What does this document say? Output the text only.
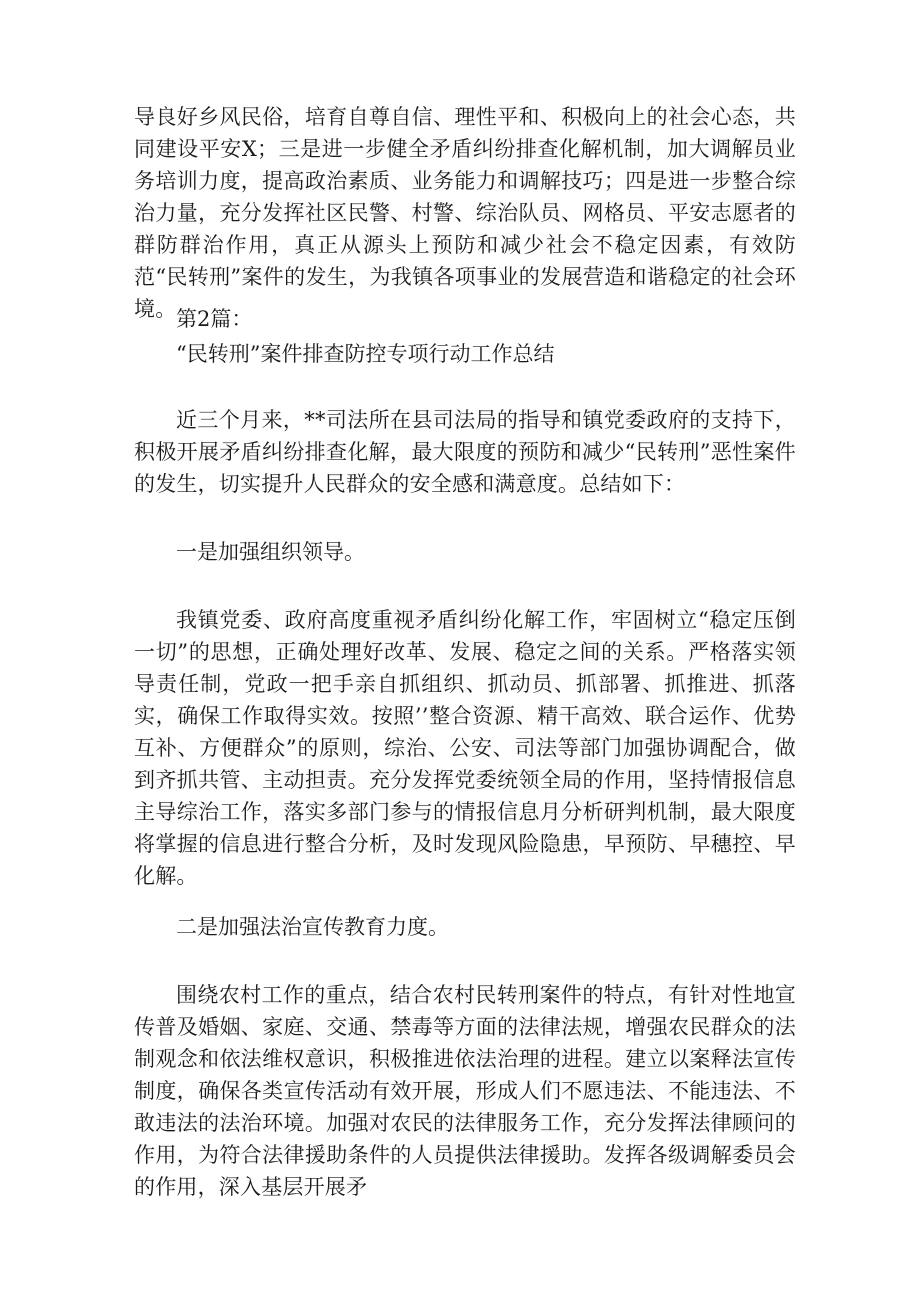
导良好乡风民俗，培育自尊自信、理性平和、积极向上的社会心态，共同建设平安X；三是进一步健全矛盾纠纷排查化解机制，加大调解员业务培训力度，提高政治素质、业务能力和调解技巧；四是进一步整合综治力量，充分发挥社区民警、村警、综治队员、网格员、平安志愿者的群防群治作用，真正从源头上预防和减少社会不稳定因素，有效防范“民转刑”案件的发生，为我镇各项事业的发展营造和谐稳定的社会环境。 第2篇：

“民转刑”案件排查防控专项行动工作总结

近三个月来，**司法所在县司法局的指导和镇党委政府的支持下，积极开展矛盾纠纷排查化解，最大限度的预防和减少“民转刑”恶性案件的发生，切实提升人民群众的安全感和满意度。总结如下：

一是加强组织领导。

我镇党委、政府高度重视矛盾纠纷化解工作，牢固树立“稳定压倒一切”的思想，正确处理好改革、发展、稳定之间的关系。严格落实领导责任制，党政一把手亲自抓组织、抓动员、抓部署、抓推进、抓落实，确保工作取得实效。按照’’整合资源、精干高效、联合运作、优势互补、方便群众”的原则，综治、公安、司法等部门加强协调配合，做到齐抓共管、主动担责。充分发挥党委统领全局的作用，坚持情报信息主导综治工作，落实多部门参与的情报信息月分析研判机制，最大限度将掌握的信息进行整合分析，及时发现风险隐患，早预防、早穗控、早化解。

二是加强法治宣传教育力度。

围绕农村工作的重点，结合农村民转刑案件的特点，有针对性地宣传普及婚姻、家庭、交通、禁毒等方面的法律法规，增强农民群众的法制观念和依法维权意识，积极推进依法治理的进程。建立以案释法宣传制度，确保各类宣传活动有效开展，形成人们不愿违法、不能违法、不敢违法的法治环境。加强对农民的法律服务工作，充分发挥法律顾问的作用，为符合法律援助条件的人员提供法律援助。发挥各级调解委员会的作用，深入基层开展矛
